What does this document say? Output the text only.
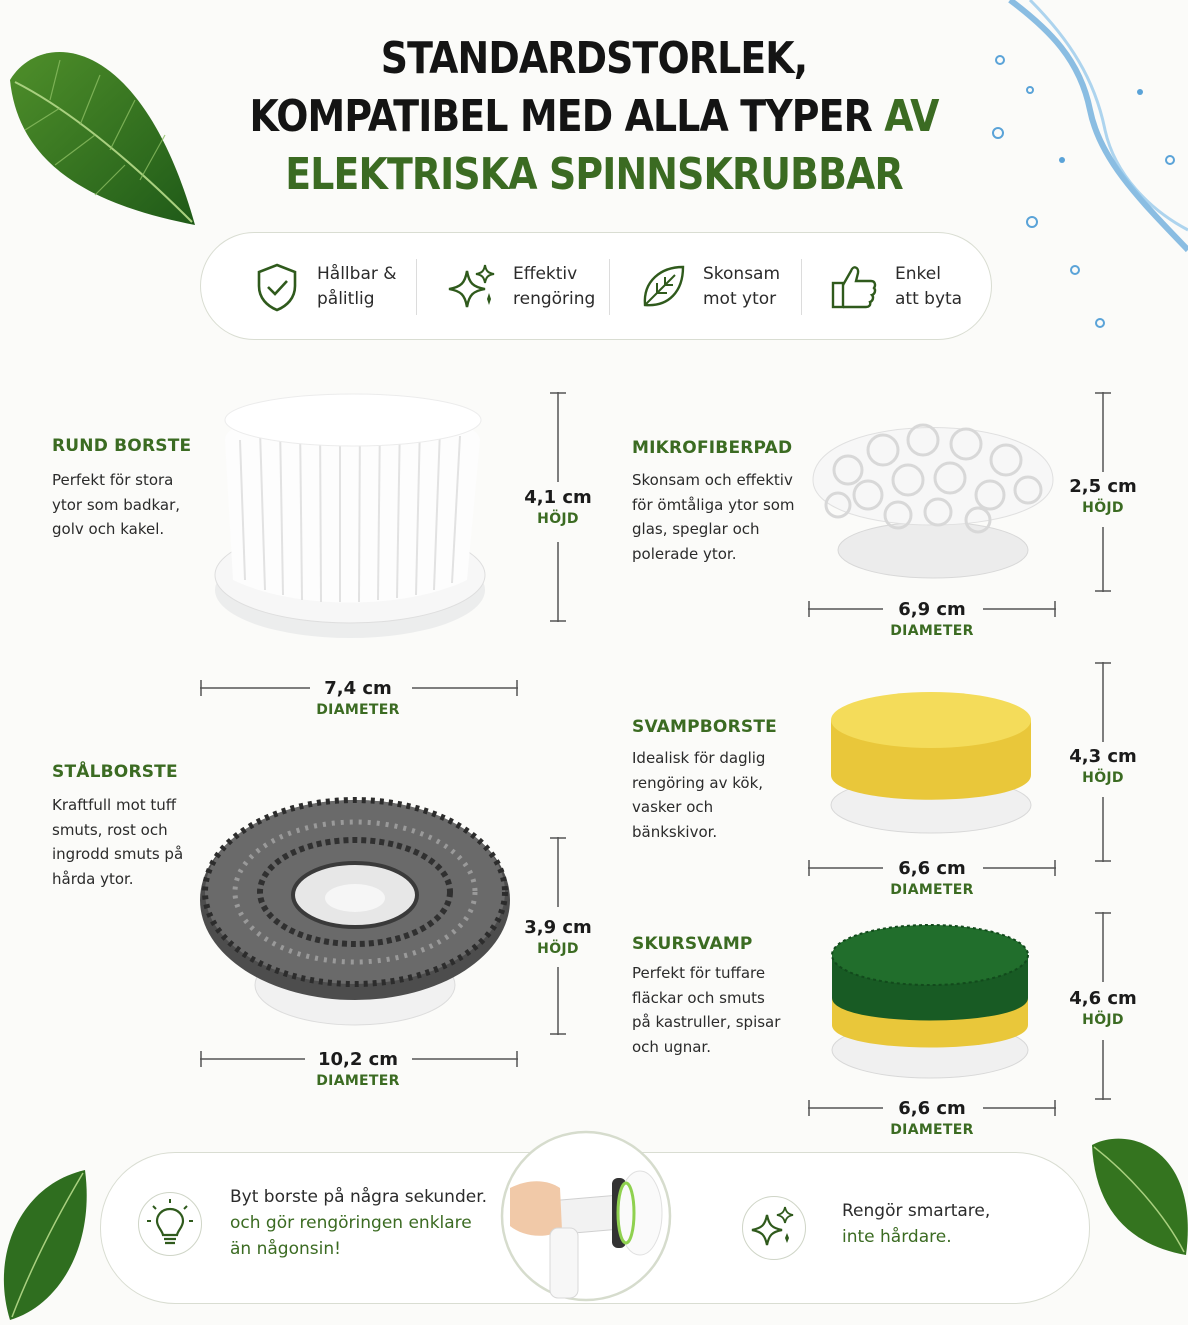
STANDARDSTORLEK,
KOMPATIBEL MED ALLA TYPER AV
ELEKTRISKA SPINNSKRUBBAR
Hållbar &
pålitlig
Effektiv
rengöring
Skonsam
mot ytor
Enkel
att byta
RUND BORSTE
Perfekt för stora
ytor som badkar,
golv och kakel.
4,1 cm
HÖJD
7,4 cm
DIAMETER
STÅLBORSTE
Kraftfull mot tuff
smuts, rost och
ingrodd smuts på
hårda ytor.
3,9 cm
HÖJD
10,2 cm
DIAMETER
MIKROFIBERPAD
Skonsam och effektiv
för ömtåliga ytor som
glas, speglar och
polerade ytor.
2,5 cm
HÖJD
6,9 cm
DIAMETER
SVAMPBORSTE
Idealisk för daglig
rengöring av kök,
vasker och
bänkskivor.
4,3 cm
HÖJD
6,6 cm
DIAMETER
SKURSVAMP
Perfekt för tuffare
fläckar och smuts
på kastruller, spisar
och ugnar.
4,6 cm
HÖJD
6,6 cm
DIAMETER
Byt borste på några sekunder.
och gör rengöringen enklare
än någonsin!
Rengör smartare,
inte hårdare.
